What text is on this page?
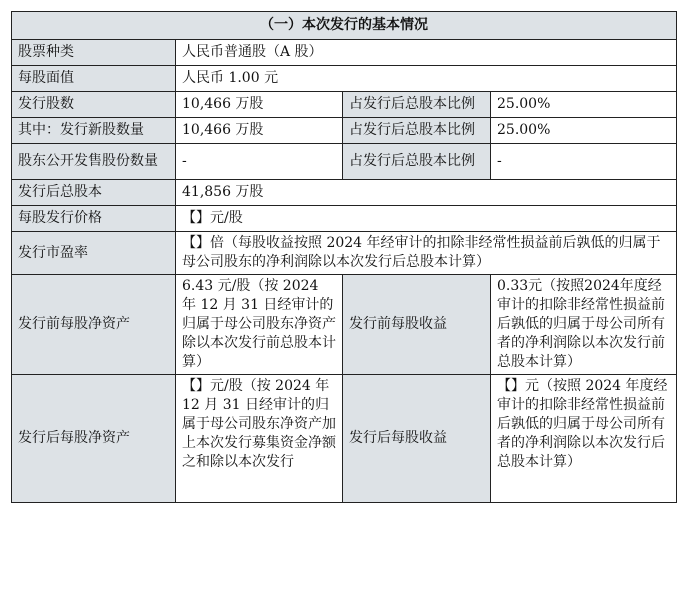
（一）本次发行的基本情况			
股票种类	人民币普通股（A 股）		
每股面值	人民币 1.00 元		
发行股数	10,466 万股	占发行后总股本比例	25.00%
其中：发行新股数量	10,466 万股	占发行后总股本比例	25.00%
股东公开发售股份数量	-	占发行后总股本比例	-
发行后总股本	41,856 万股		
每股发行价格	【】元/股		
发行市盈率	【】倍（每股收益按照 2024 年经审计的扣除非经常性损益前后孰低的归属于母公司股东的净利润除以本次发行后总股本计算）		
发行前每股净资产	6.43 元/股（按 2024 年 12 月 31 日经审计的归属于母公司股东净资产除以本次发行前总股本计算）	发行前每股收益	0.33元（按照2024年度经审计的扣除非经常性损益前后孰低的归属于母公司所有者的净利润除以本次发行前总股本计算）
发行后每股净资产	【】元/股（按 2024 年 12 月 31 日经审计的归属于母公司股东净资产加上本次发行募集资金净额之和除以本次发行	发行后每股收益	【】元（按照 2024 年度经审计的扣除非经常性损益前后孰低的归属于母公司所有者的净利润除以本次发行后总股本计算）
